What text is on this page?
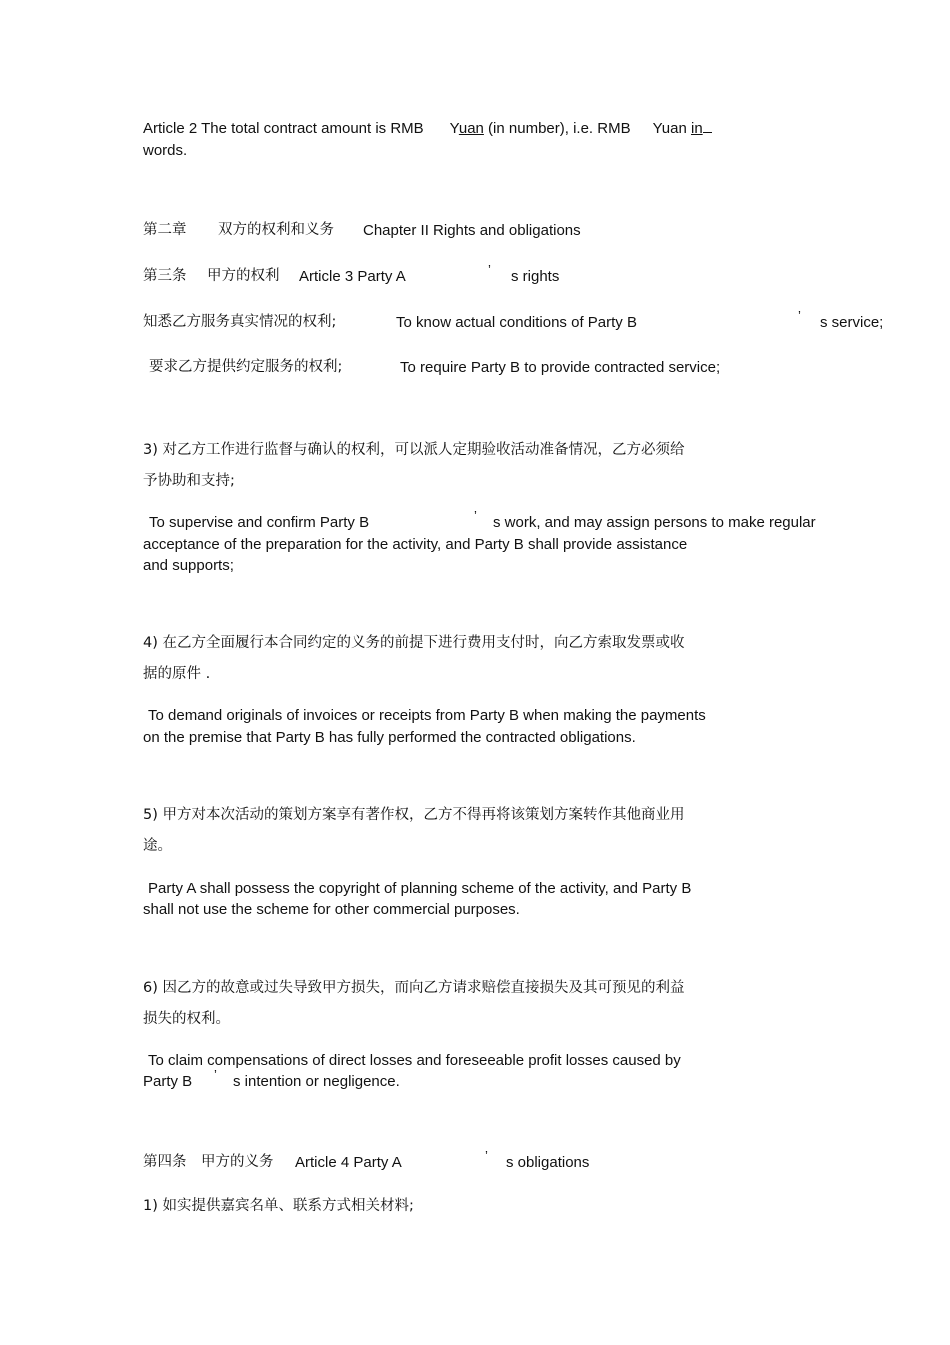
Article 2 The total contract amount is RMB Yuan (in number), i.e. RMB Yuan in

words.

第二章 双方的权利和义务 Chapter II Rights and obligations

第三条 甲方的权利 Article 3 Party A	’ s rights

知悉乙方服务真实情况的权利;	To know actual conditions of Party B	’ s service;

要求乙方提供约定服务的权利;	To require Party B to provide contracted service;

3) 对乙方工作进行监督与确认的权利，可以派人定期验收活动准备情况，乙方必须给

予协助和支持;

To supervise and confirm Party B	’ s work, and may assign persons to make regular

acceptance of the preparation for the activity, and Party B shall provide assistance

and supports;

4) 在乙方全面履行本合同约定的义务的前提下进行费用支付时，向乙方索取发票或收

据的原件 .

To demand originals of invoices or receipts from Party B when making the payments

on the premise that Party B has fully performed the contracted obligations.

5) 甲方对本次活动的策划方案享有著作权，乙方不得再将该策划方案转作其他商业用

途。

Party A shall possess the copyright of planning scheme of the activity, and Party B

shall not use the scheme for other commercial purposes.

6) 因乙方的故意或过失导致甲方损失，而向乙方请求赔偿直接损失及其可预见的利益

损失的权利。

To claim compensations of direct losses and foreseeable profit losses caused by

Party B ’ s intention or negligence.

第四条 甲方的义务 Article 4 Party A	’ s obligations

1) 如实提供嘉宾名单、联系方式相关材料;
